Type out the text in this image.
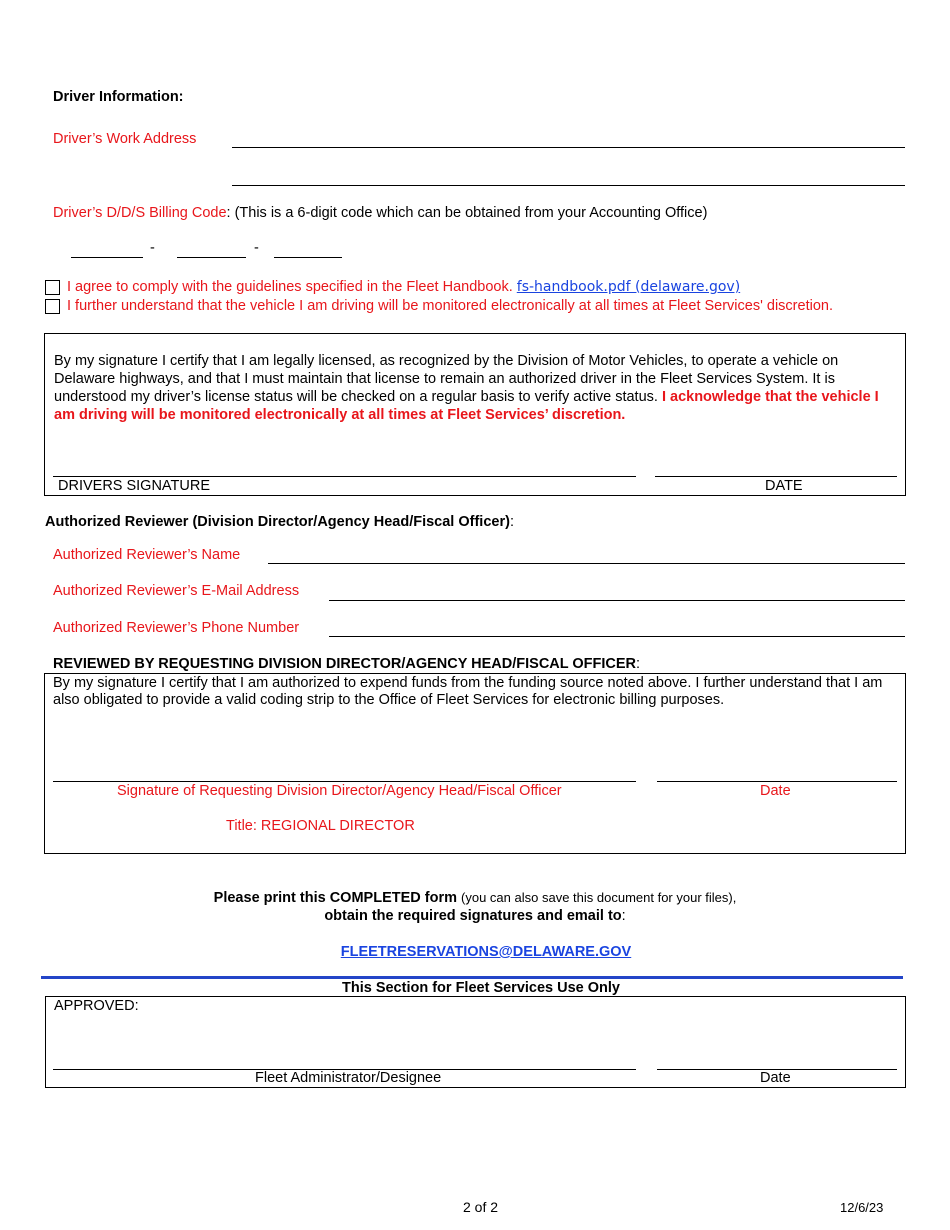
Driver Information:
Driver’s Work Address
Driver’s D/D/S Billing Code: (This is a 6-digit code which can be obtained from your Accounting Office)
-	-
I agree to comply with the guidelines specified in the Fleet Handbook. fs-handbook.pdf (delaware.gov)
I further understand that the vehicle I am driving will be monitored electronically at all times at Fleet Services' discretion.
By my signature I certify that I am legally licensed, as recognized by the Division of Motor Vehicles, to operate a vehicle on Delaware highways, and that I must maintain that license to remain an authorized driver in the Fleet Services System. It is understood my driver’s license status will be checked on a regular basis to verify active status. I acknowledge that the vehicle I am driving will be monitored electronically at all times at Fleet Services’ discretion.
DRIVERS SIGNATURE	DATE
Authorized Reviewer (Division Director/Agency Head/Fiscal Officer):
Authorized Reviewer’s Name
Authorized Reviewer’s E-Mail Address
Authorized Reviewer’s Phone Number
REVIEWED BY REQUESTING DIVISION DIRECTOR/AGENCY HEAD/FISCAL OFFICER:
By my signature I certify that I am authorized to expend funds from the funding source noted above. I further understand that I am also obligated to provide a valid coding strip to the Office of Fleet Services for electronic billing purposes.
Signature of Requesting Division Director/Agency Head/Fiscal Officer	Date
Title: REGIONAL DIRECTOR
Please print this COMPLETED form (you can also save this document for your files),
obtain the required signatures and email to:
FLEETRESERVATIONS@DELAWARE.GOV
This Section for Fleet Services Use Only
APPROVED:
Fleet Administrator/Designee	Date
2 of 2	12/6/23
